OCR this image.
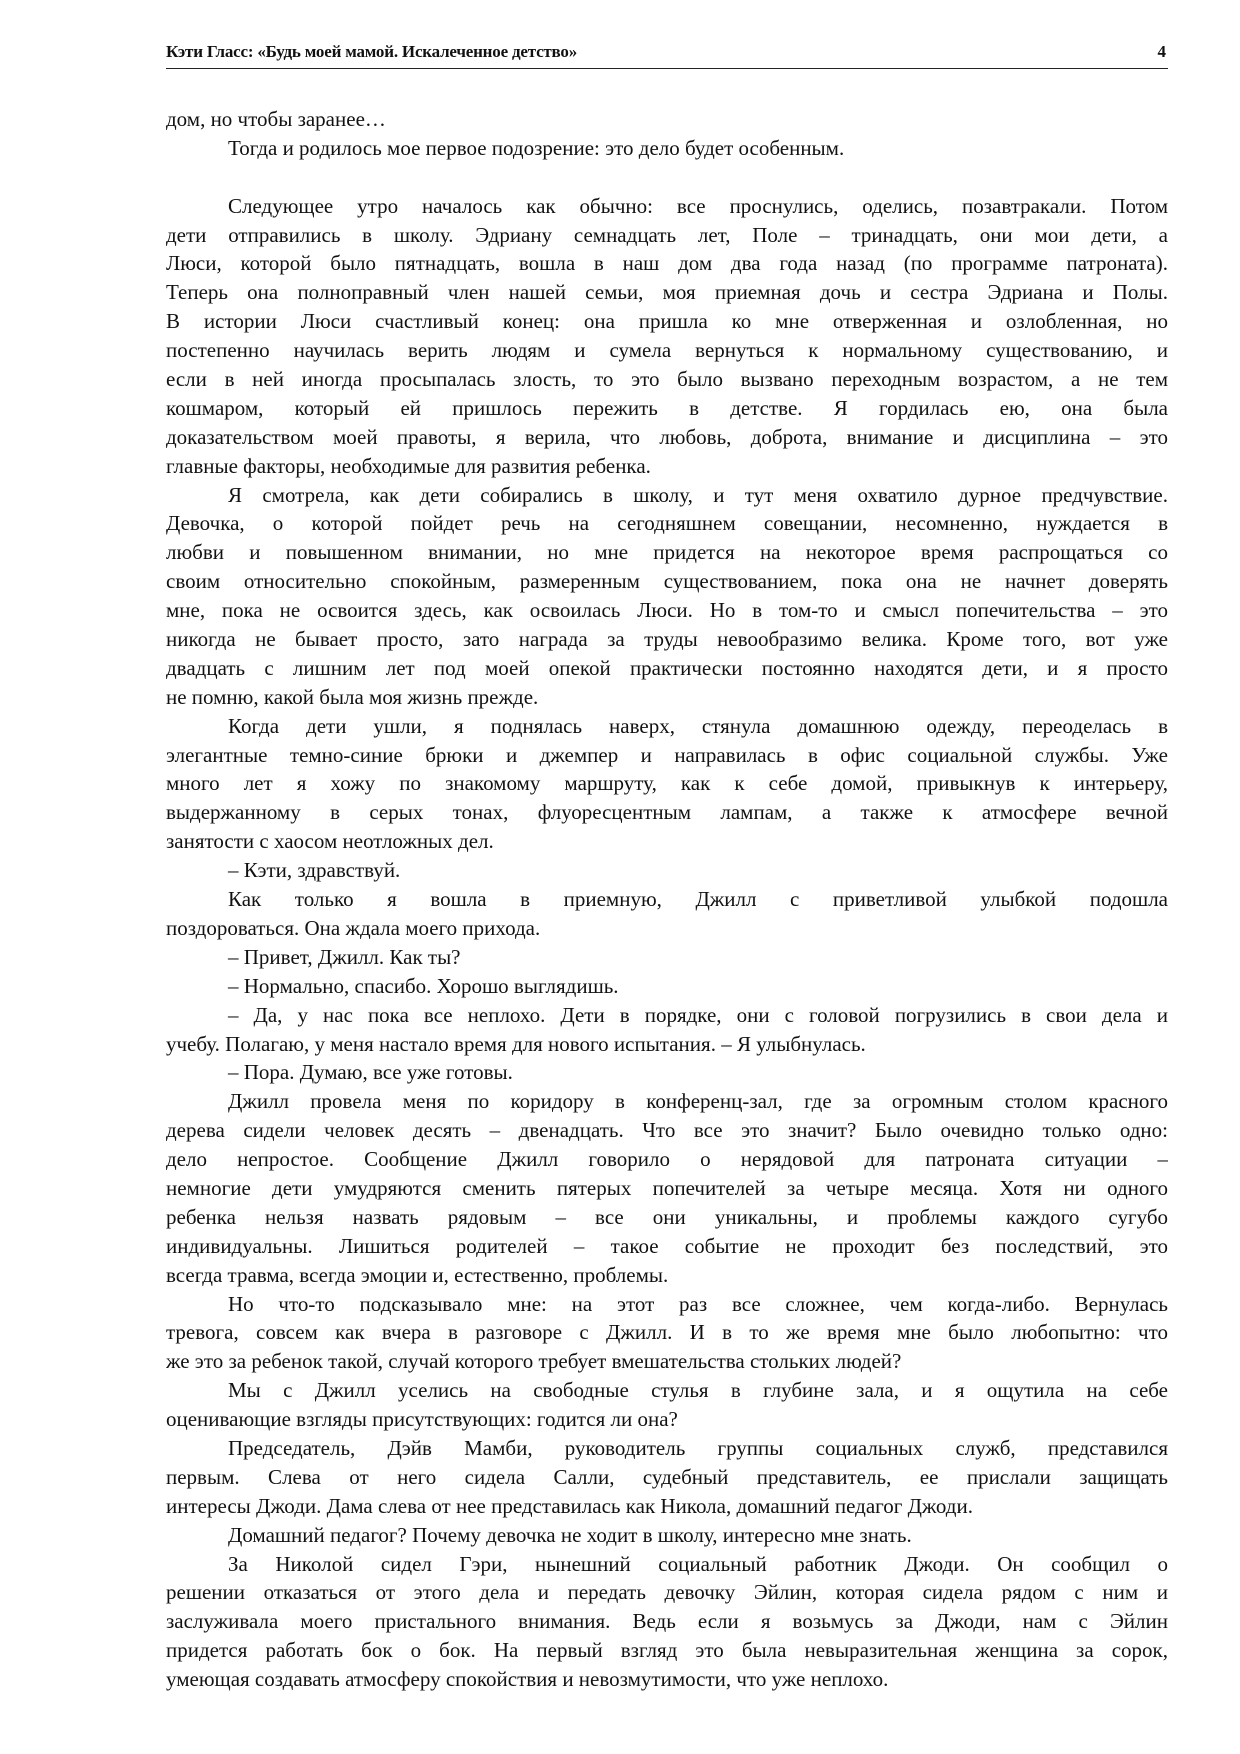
Кэти Гласс: «Будь моей мамой. Искалеченное детство»	4
дом, но чтобы заранее…
Тогда и родилось мое первое подозрение: это дело будет особенным.
Следующее утро началось как обычно: все проснулись, оделись, позавтракали. Потом
дети отправились в школу. Эдриану семнадцать лет, Поле – тринадцать, они мои дети, а
Люси, которой было пятнадцать, вошла в наш дом два года назад (по программе патроната).
Теперь она полноправный член нашей семьи, моя приемная дочь и сестра Эдриана и Полы.
В истории Люси счастливый конец: она пришла ко мне отверженная и озлобленная, но
постепенно научилась верить людям и сумела вернуться к нормальному существованию, и
если в ней иногда просыпалась злость, то это было вызвано переходным возрастом, а не тем
кошмаром, который ей пришлось пережить в детстве. Я гордилась ею, она была
доказательством моей правоты, я верила, что любовь, доброта, внимание и дисциплина – это
главные факторы, необходимые для развития ребенка.
Я смотрела, как дети собирались в школу, и тут меня охватило дурное предчувствие.
Девочка, о которой пойдет речь на сегодняшнем совещании, несомненно, нуждается в
любви и повышенном внимании, но мне придется на некоторое время распрощаться со
своим относительно спокойным, размеренным существованием, пока она не начнет доверять
мне, пока не освоится здесь, как освоилась Люси. Но в том-то и смысл попечительства – это
никогда не бывает просто, зато награда за труды невообразимо велика. Кроме того, вот уже
двадцать с лишним лет под моей опекой практически постоянно находятся дети, и я просто
не помню, какой была моя жизнь прежде.
Когда дети ушли, я поднялась наверх, стянула домашнюю одежду, переоделась в
элегантные темно-синие брюки и джемпер и направилась в офис социальной службы. Уже
много лет я хожу по знакомому маршруту, как к себе домой, привыкнув к интерьеру,
выдержанному в серых тонах, флуоресцентным лампам, а также к атмосфере вечной
занятости с хаосом неотложных дел.
– Кэти, здравствуй.
Как только я вошла в приемную, Джилл с приветливой улыбкой подошла
поздороваться. Она ждала моего прихода.
– Привет, Джилл. Как ты?
– Нормально, спасибо. Хорошо выглядишь.
– Да, у нас пока все неплохо. Дети в порядке, они с головой погрузились в свои дела и
учебу. Полагаю, у меня настало время для нового испытания. – Я улыбнулась.
– Пора. Думаю, все уже готовы.
Джилл провела меня по коридору в конференц-зал, где за огромным столом красного
дерева сидели человек десять – двенадцать. Что все это значит? Было очевидно только одно:
дело непростое. Сообщение Джилл говорило о нерядовой для патроната ситуации –
немногие дети умудряются сменить пятерых попечителей за четыре месяца. Хотя ни одного
ребенка нельзя назвать рядовым – все они уникальны, и проблемы каждого сугубо
индивидуальны. Лишиться родителей – такое событие не проходит без последствий, это
всегда травма, всегда эмоции и, естественно, проблемы.
Но что-то подсказывало мне: на этот раз все сложнее, чем когда-либо. Вернулась
тревога, совсем как вчера в разговоре с Джилл. И в то же время мне было любопытно: что
же это за ребенок такой, случай которого требует вмешательства стольких людей?
Мы с Джилл уселись на свободные стулья в глубине зала, и я ощутила на себе
оценивающие взгляды присутствующих: годится ли она?
Председатель, Дэйв Мамби, руководитель группы социальных служб, представился
первым. Слева от него сидела Салли, судебный представитель, ее прислали защищать
интересы Джоди. Дама слева от нее представилась как Никола, домашний педагог Джоди.
Домашний педагог? Почему девочка не ходит в школу, интересно мне знать.
За Николой сидел Гэри, нынешний социальный работник Джоди. Он сообщил о
решении отказаться от этого дела и передать девочку Эйлин, которая сидела рядом с ним и
заслуживала моего пристального внимания. Ведь если я возьмусь за Джоди, нам с Эйлин
придется работать бок о бок. На первый взгляд это была невыразительная женщина за сорок,
умеющая создавать атмосферу спокойствия и невозмутимости, что уже неплохо.
